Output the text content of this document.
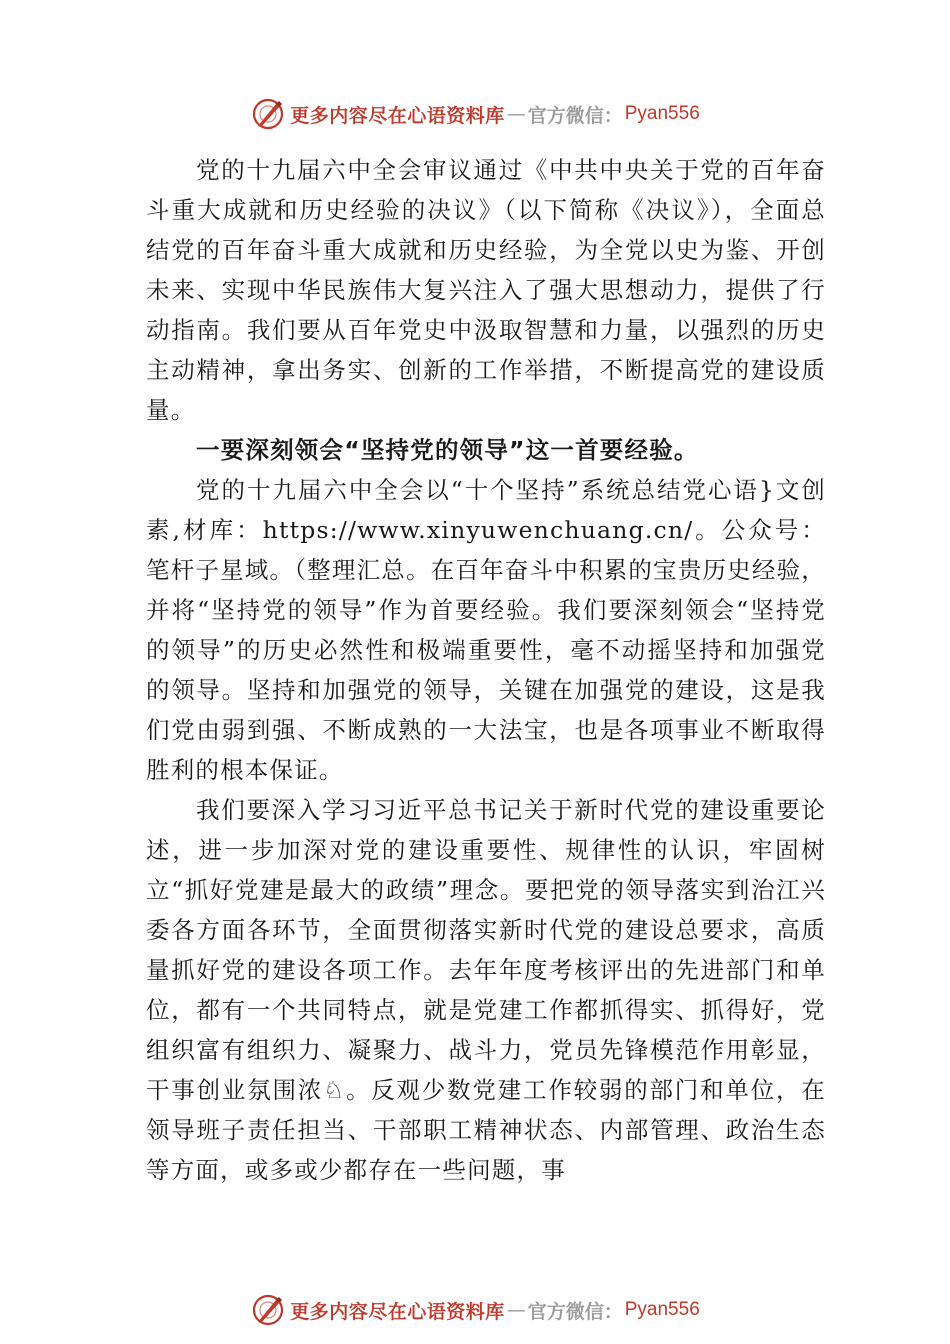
更多内容尽在心语资料库 — 官方微信： Pyan556

党的十九届六中全会审议通过《中共中央关于党的百年奋斗重大成就和历史经验的决议》（以下简称《决议》），全面总结党的百年奋斗重大成就和历史经验，为全党以史为鉴、开创未来、实现中华民族伟大复兴注入了强大思想动力，提供了行动指南。我们要从百年党史中汲取智慧和力量，以强烈的历史主动精神，拿出务实、创新的工作举措，不断提高党的建设质量。

一要深刻领会“坚持党的领导”这一首要经验。

党的十九届六中全会以“十个坚持”系统总结党心语}文创素,材库：https://www.xinyuwenchuang.cn/。公众号：笔杆子星域。（整理汇总。在百年奋斗中积累的宝贵历史经验，并将“坚持党的领导”作为首要经验。我们要深刻领会“坚持党的领导”的历史必然性和极端重要性，毫不动摇坚持和加强党的领导。坚持和加强党的领导，关键在加强党的建设，这是我们党由弱到强、不断成熟的一大法宝，也是各项事业不断取得胜利的根本保证。

我们要深入学习习近平总书记关于新时代党的建设重要论述，进一步加深对党的建设重要性、规律性的认识，牢固树立“抓好党建是最大的政绩”理念。要把党的领导落实到治江兴委各方面各环节，全面贯彻落实新时代党的建设总要求，高质量抓好党的建设各项工作。去年年度考核评出的先进部门和单位，都有一个共同特点，就是党建工作都抓得实、抓得好，党组织富有组织力、凝聚力、战斗力，党员先锋模范作用彰显，干事创业氛围浓♘。反观少数党建工作较弱的部门和单位，在领导班子责任担当、干部职工精神状态、内部管理、政治生态等方面，或多或少都存在一些问题，事

更多内容尽在心语资料库 — 官方微信： Pyan556
